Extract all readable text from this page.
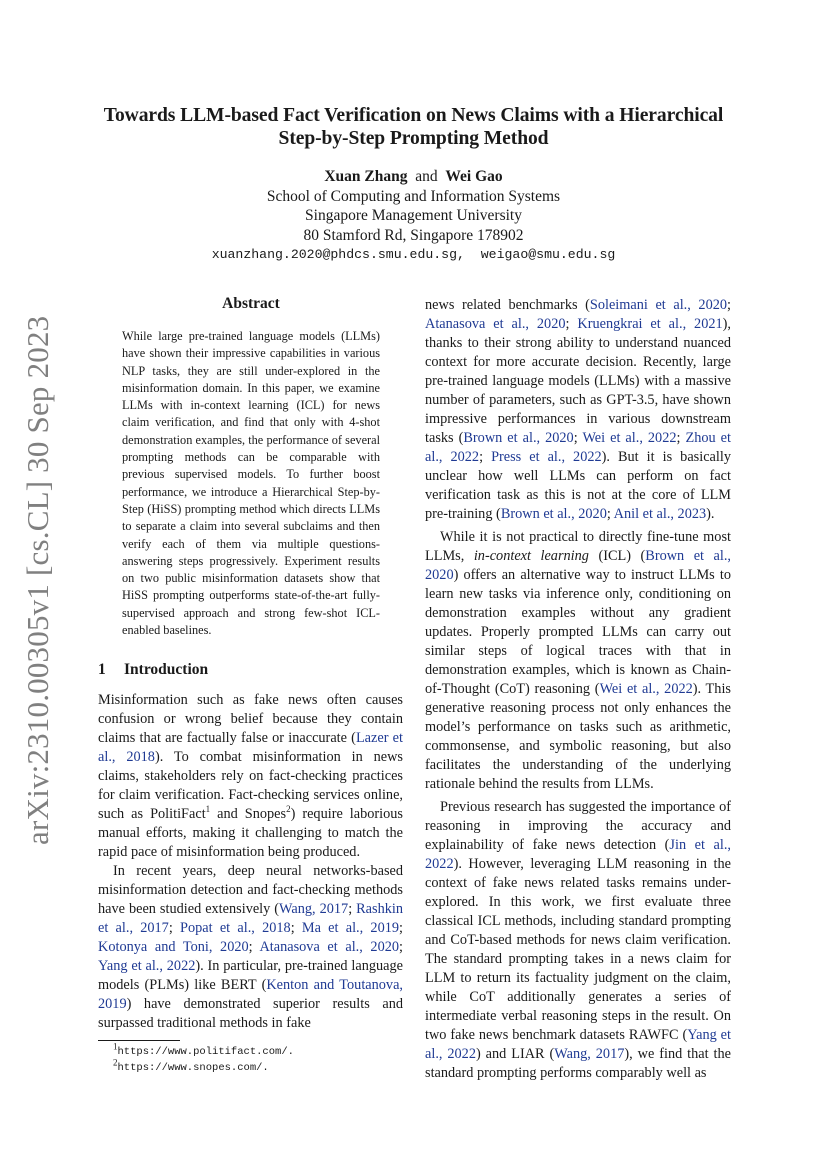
arXiv:2310.00305v1 [cs.CL] 30 Sep 2023
Towards LLM-based Fact Verification on News Claims with a Hierarchical
Step-by-Step Prompting Method
Xuan Zhang and Wei Gao
School of Computing and Information Systems
Singapore Management University
80 Stamford Rd, Singapore 178902
xuanzhang.2020@phdcs.smu.edu.sg,  weigao@smu.edu.sg
Abstract
While large pre-trained language models (LLMs) have shown their impressive capabilities in various NLP tasks, they are still under-explored in the misinformation domain. In this paper, we examine LLMs with in-context learning (ICL) for news claim verification, and find that only with 4-shot demonstration examples, the performance of several prompting methods can be comparable with previous supervised models. To further boost performance, we introduce a Hierarchical Step-by-Step (HiSS) prompting method which directs LLMs to separate a claim into several subclaims and then verify each of them via multiple questions-answering steps progressively. Experiment results on two public misinformation datasets show that HiSS prompting outperforms state-of-the-art fully-supervised approach and strong few-shot ICL-enabled baselines.
1 Introduction

Misinformation such as fake news often causes confusion or wrong belief because they contain claims that are factually false or inaccurate (Lazer et al., 2018). To combat misinformation in news claims, stakeholders rely on fact-checking practices for claim verification. Fact-checking services online, such as PolitiFact$^1$ and Snopes$^2$) require laborious manual efforts, making it challenging to match the rapid pace of misinformation being produced.

In recent years, deep neural networks-based misinformation detection and fact-checking methods have been studied extensively (Wang, 2017; Rashkin et al., 2017; Popat et al., 2018; Ma et al., 2019; Kotonya and Toni, 2020; Atanasova et al., 2020; Yang et al., 2022). In particular, pre-trained language models (PLMs) like BERT (Kenton and Toutanova, 2019) have demonstrated superior results and surpassed traditional methods in fake

$^1$https://www.politifact.com/.
$^2$https://www.snopes.com/.

news related benchmarks (Soleimani et al., 2020; Atanasova et al., 2020; Kruengkrai et al., 2021), thanks to their strong ability to understand nuanced context for more accurate decision. Recently, large pre-trained language models (LLMs) with a massive number of parameters, such as GPT-3.5, have shown impressive performances in various downstream tasks (Brown et al., 2020; Wei et al., 2022; Zhou et al., 2022; Press et al., 2022). But it is basically unclear how well LLMs can perform on fact verification task as this is not at the core of LLM pre-training (Brown et al., 2020; Anil et al., 2023).

While it is not practical to directly fine-tune most LLMs, in-context learning (ICL) (Brown et al., 2020) offers an alternative way to instruct LLMs to learn new tasks via inference only, conditioning on demonstration examples without any gradient updates. Properly prompted LLMs can carry out similar steps of logical traces with that in demonstration examples, which is known as Chain-of-Thought (CoT) reasoning (Wei et al., 2022). This generative reasoning process not only enhances the model’s performance on tasks such as arithmetic, commonsense, and symbolic reasoning, but also facilitates the understanding of the underlying rationale behind the results from LLMs.

Previous research has suggested the importance of reasoning in improving the accuracy and explainability of fake news detection (Jin et al., 2022). However, leveraging LLM reasoning in the context of fake news related tasks remains under-explored. In this work, we first evaluate three classical ICL methods, including standard prompting and CoT-based methods for news claim verification. The standard prompting takes in a news claim for LLM to return its factuality judgment on the claim, while CoT additionally generates a series of intermediate verbal reasoning steps in the result. On two fake news benchmark datasets RAWFC (Yang et al., 2022) and LIAR (Wang, 2017), we find that the standard prompting performs comparably well as
